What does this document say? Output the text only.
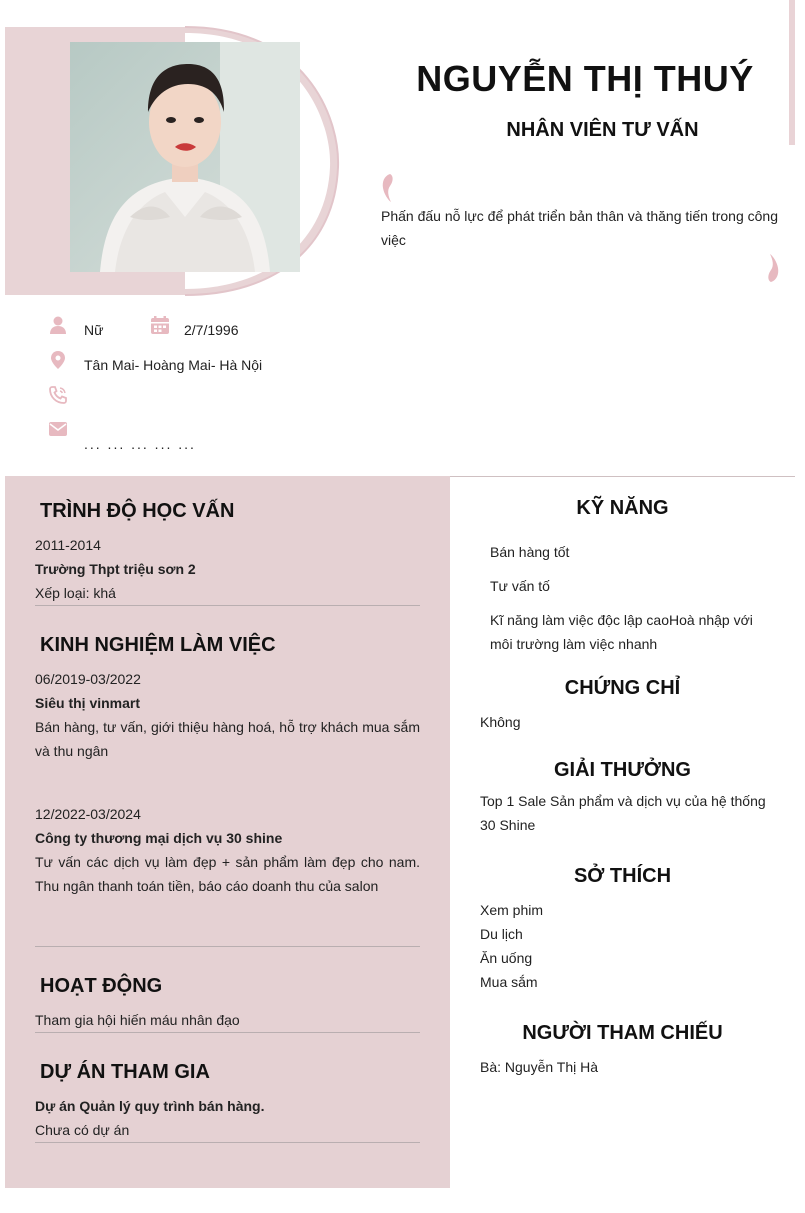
NGUYỄN THỊ THUÝ
NHÂN VIÊN TƯ VẤN
Phấn đấu nỗ lực để phát triển bản thân và thăng tiến trong công việc
Nữ	2/7/1996
Tân Mai- Hoàng Mai- Hà Nội
... ... ... ... ...
TRÌNH ĐỘ HỌC VẤN
2011-2014
Trường Thpt triệu sơn 2
Xếp loại: khá
KINH NGHIỆM LÀM VIỆC
06/2019-03/2022
Siêu thị vinmart
Bán hàng, tư vấn, giới thiệu hàng hoá, hỗ trợ khách mua sắm và thu ngân
12/2022-03/2024
Công ty thương mại dịch vụ 30 shine
Tư vấn các dịch vụ làm đẹp + sản phẩm làm đẹp cho nam. Thu ngân thanh toán tiền, báo cáo doanh thu của salon
HOẠT ĐỘNG
Tham gia hội hiến máu nhân đạo
DỰ ÁN THAM GIA
Dự án Quản lý quy trình bán hàng.
Chưa có dự án
KỸ NĂNG
Bán hàng tốt
Tư vấn tố
Kĩ năng làm việc độc lập caoHoà nhập với môi trường làm việc nhanh
CHỨNG CHỈ
Không
GIẢI THƯỞNG
Top 1 Sale Sản phẩm và dịch vụ của hệ thống 30 Shine
SỞ THÍCH
Xem phim
Du lịch
Ăn uống
Mua sắm
NGƯỜI THAM CHIẾU
Bà: Nguyễn Thị Hà
